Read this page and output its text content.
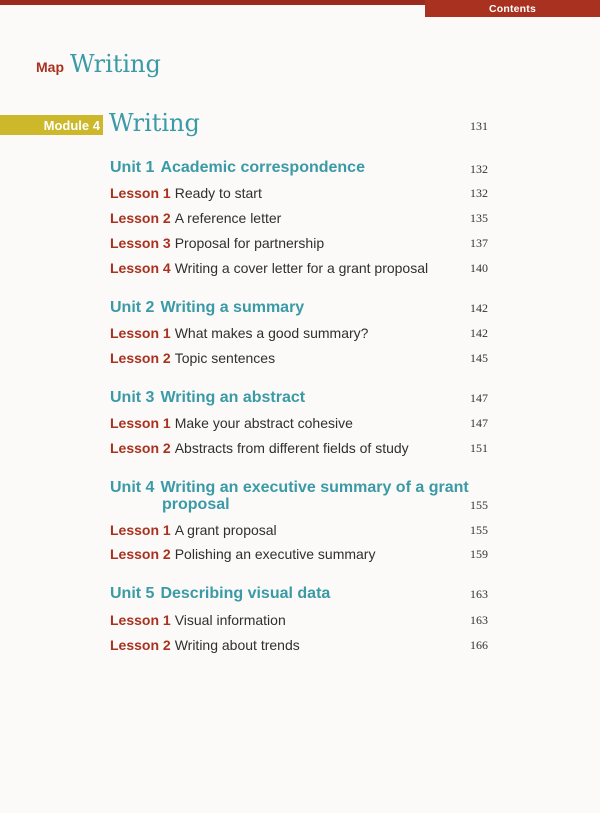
Contents
Map Writing
Module 4 Writing	131
Unit 1 Academic correspondence	132
Lesson 1 Ready to start	132
Lesson 2 A reference letter	135
Lesson 3 Proposal for partnership	137
Lesson 4 Writing a cover letter for a grant proposal	140
Unit 2 Writing a summary	142
Lesson 1 What makes a good summary?	142
Lesson 2 Topic sentences	145
Unit 3 Writing an abstract	147
Lesson 1 Make your abstract cohesive	147
Lesson 2 Abstracts from different fields of study	151
Unit 4 Writing an executive summary of a grant proposal	155
Lesson 1 A grant proposal	155
Lesson 2 Polishing an executive summary	159
Unit 5 Describing visual data	163
Lesson 1 Visual information	163
Lesson 2 Writing about trends	166
